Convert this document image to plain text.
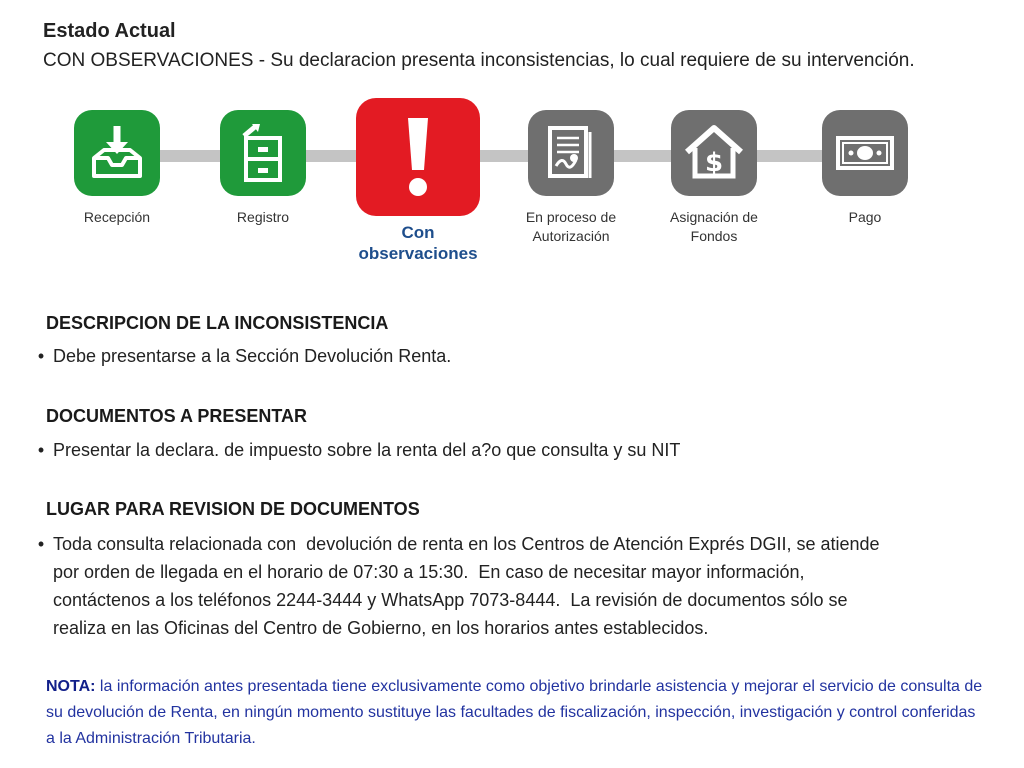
Estado Actual
CON OBSERVACIONES - Su declaracion presenta inconsistencias, lo cual requiere de su intervención.
Recepción	Registro
Con
observaciones
En proceso de
Autorización
$
Asignación de
Fondos
Pago
DESCRIPCION DE LA INCONSISTENCIA
• Debe presentarse a la Sección Devolución Renta.
DOCUMENTOS A PRESENTAR
• Presentar la declara. de impuesto sobre la renta del a?o que consulta y su NIT
LUGAR PARA REVISION DE DOCUMENTOS
• Toda consulta relacionada con  devolución de renta en los Centros de Atención Exprés DGII, se atiende
por orden de llegada en el horario de 07:30 a 15:30.  En caso de necesitar mayor información,
contáctenos a los teléfonos 2244-3444 y WhatsApp 7073-8444.  La revisión de documentos sólo se
realiza en las Oficinas del Centro de Gobierno, en los horarios antes establecidos.
NOTA: la información antes presentada tiene exclusivamente como objetivo brindarle asistencia y mejorar el servicio de consulta de su devolución de Renta, en ningún momento sustituye las facultades de fiscalización, inspección, investigación y control conferidas a la Administración Tributaria.
